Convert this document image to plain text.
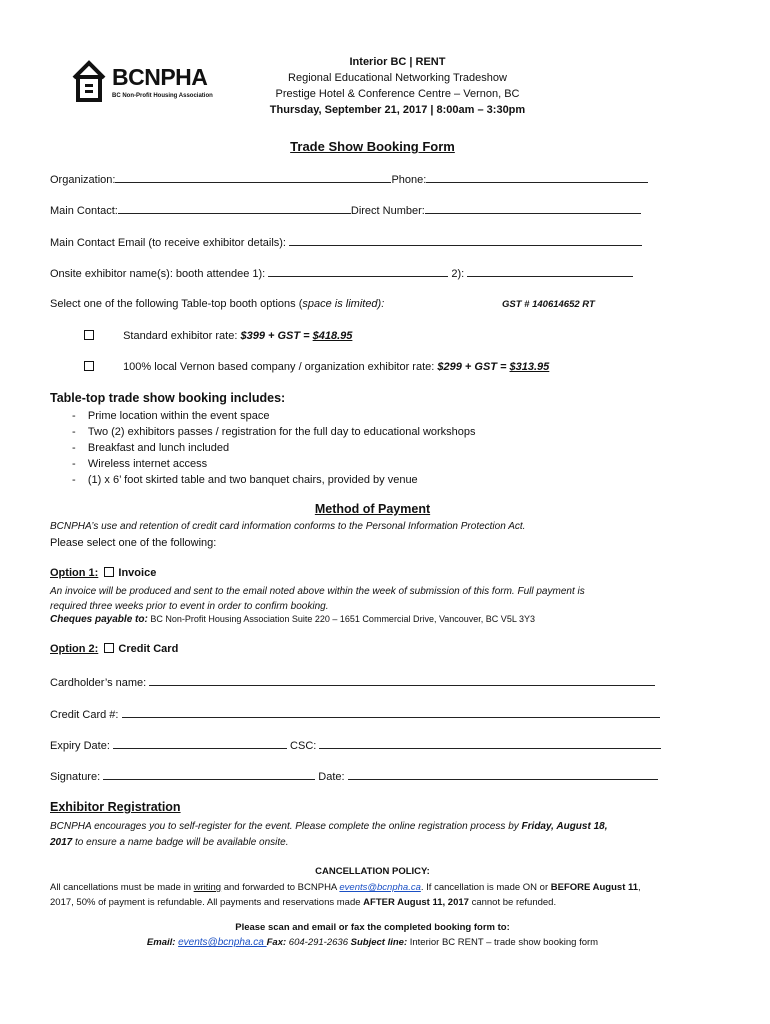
BCNPHA
BC Non-Profit Housing Association
Interior BC | RENT
Regional Educational Networking Tradeshow
Prestige Hotel & Conference Centre – Vernon, BC
Thursday, September 21, 2017 | 8:00am – 3:30pm
Trade Show Booking Form
Organization:	Phone:
Main Contact:	Direct Number:
Main Contact Email (to receive exhibitor details):
Onsite exhibitor name(s): booth attendee 1):	2):
Select one of the following Table-top booth options (space is limited):	GST # 140614652 RT
Standard exhibitor rate: $399 + GST = $418.95
100% local Vernon based company / organization exhibitor rate: $299 + GST = $313.95
Table-top trade show booking includes:
-    Prime location within the event space
-    Two (2) exhibitors passes / registration for the full day to educational workshops
-    Breakfast and lunch included
-    Wireless internet access
-    (1) x 6’ foot skirted table and two banquet chairs, provided by venue
Method of Payment
BCNPHA’s use and retention of credit card information conforms to the Personal Information Protection Act.
Please select one of the following:
Option 1: Invoice
An invoice will be produced and sent to the email noted above within the week of submission of this form. Full payment is
required three weeks prior to event in order to confirm booking.
Cheques payable to: BC Non-Profit Housing Association Suite 220 – 1651 Commercial Drive, Vancouver, BC V5L 3Y3
Option 2: Credit Card
Cardholder’s name:
Credit Card #:
Expiry Date:	CSC:
Signature:	Date:
Exhibitor Registration
BCNPHA encourages you to self-register for the event. Please complete the online registration process by Friday, August 18,
2017 to ensure a name badge will be available onsite.
CANCELLATION POLICY:
All cancellations must be made in writing and forwarded to BCNPHA events@bcnpha.ca. If cancellation is made ON or BEFORE August 11,
2017, 50% of payment is refundable. All payments and reservations made AFTER August 11, 2017 cannot be refunded.
Please scan and email or fax the completed booking form to:
Email: events@bcnpha.ca Fax: 604-291-2636 Subject line: Interior BC RENT – trade show booking form
